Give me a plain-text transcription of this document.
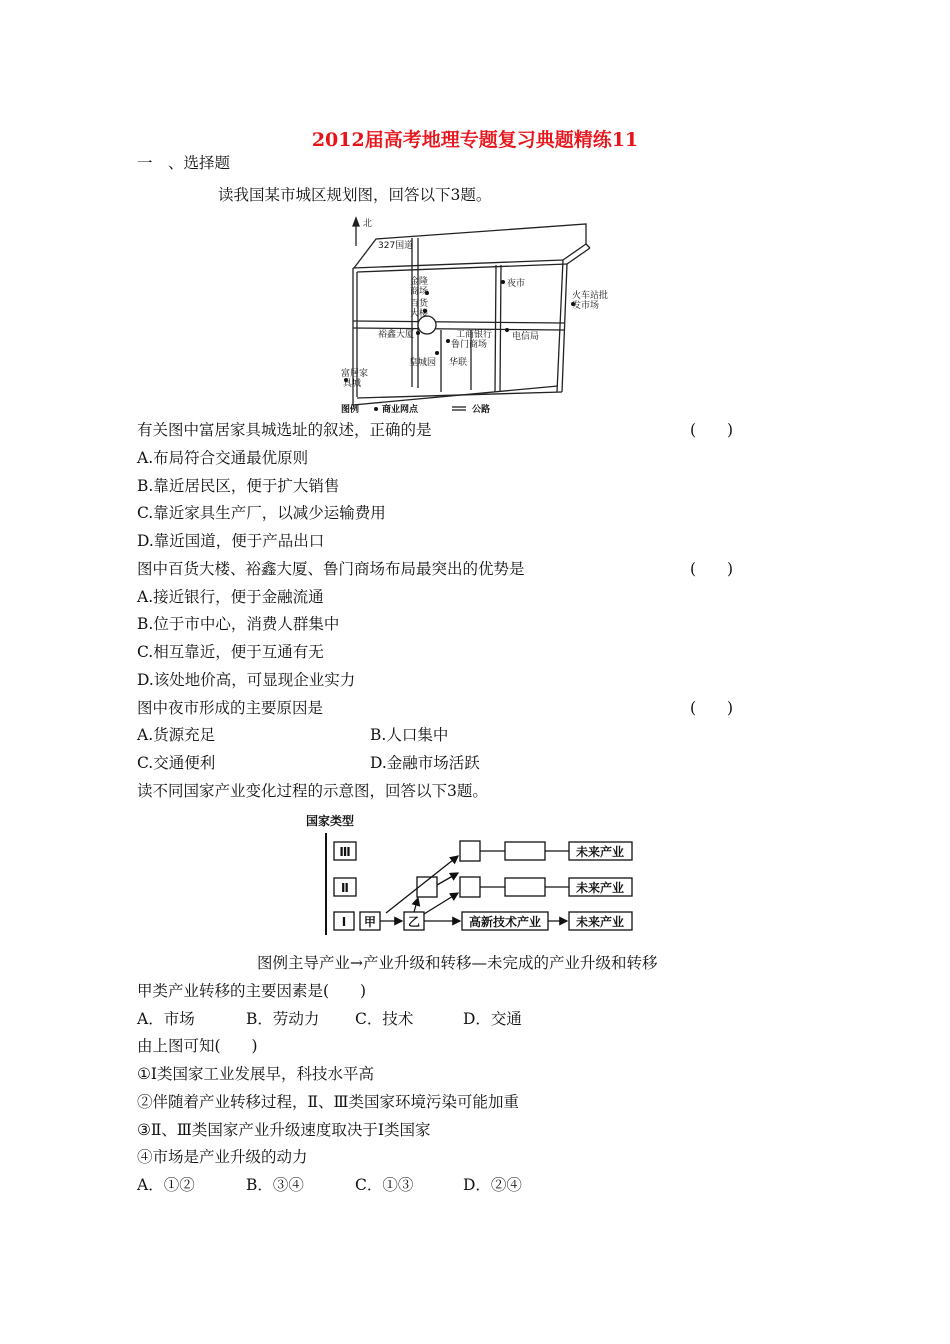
2012届高考地理专题复习典题精练11
一　、选择题
读我国某市城区规划图，回答以下3题。
北
327国道
金隆
商场
百货
大楼
夜市
火车站批
发市场
裕鑫大厦	工商银行
鲁门商场
电信局
皇城园 华联
富居家
具城
图例	商业网点	公路
有关图中富居家具城选址的叙述，正确的是	(　　)
A.布局符合交通最优原则
B.靠近居民区，便于扩大销售
C.靠近家具生产厂，以减少运输费用
D.靠近国道，便于产品出口
图中百货大楼、裕鑫大厦、鲁门商场布局最突出的优势是	(　　)
A.接近银行，便于金融流通
B.位于市中心，消费人群集中
C.相互靠近，便于互通有无
D.该处地价高，可显现企业实力
图中夜市形成的主要原因是	(　　)
A.货源充足	B.人口集中
C.交通便利	D.金融市场活跃
读不同国家产业变化过程的示意图，回答以下3题。
国家类型
Ⅲ
Ⅱ
Ⅰ 甲	乙	高新技术产业
未来产业
未来产业
未来产业
图例主导产业→产业升级和转移—未完成的产业升级和转移
甲类产业转移的主要因素是(　　)
A．市场	B．劳动力 C．技术	D．交通
由上图可知(　　)
①Ⅰ类国家工业发展早，科技水平高
②伴随着产业转移过程，Ⅱ、Ⅲ类国家环境污染可能加重
③Ⅱ、Ⅲ类国家产业升级速度取决于Ⅰ类国家
④市场是产业升级的动力
A．①②	B．③④	C．①③	D．②④
